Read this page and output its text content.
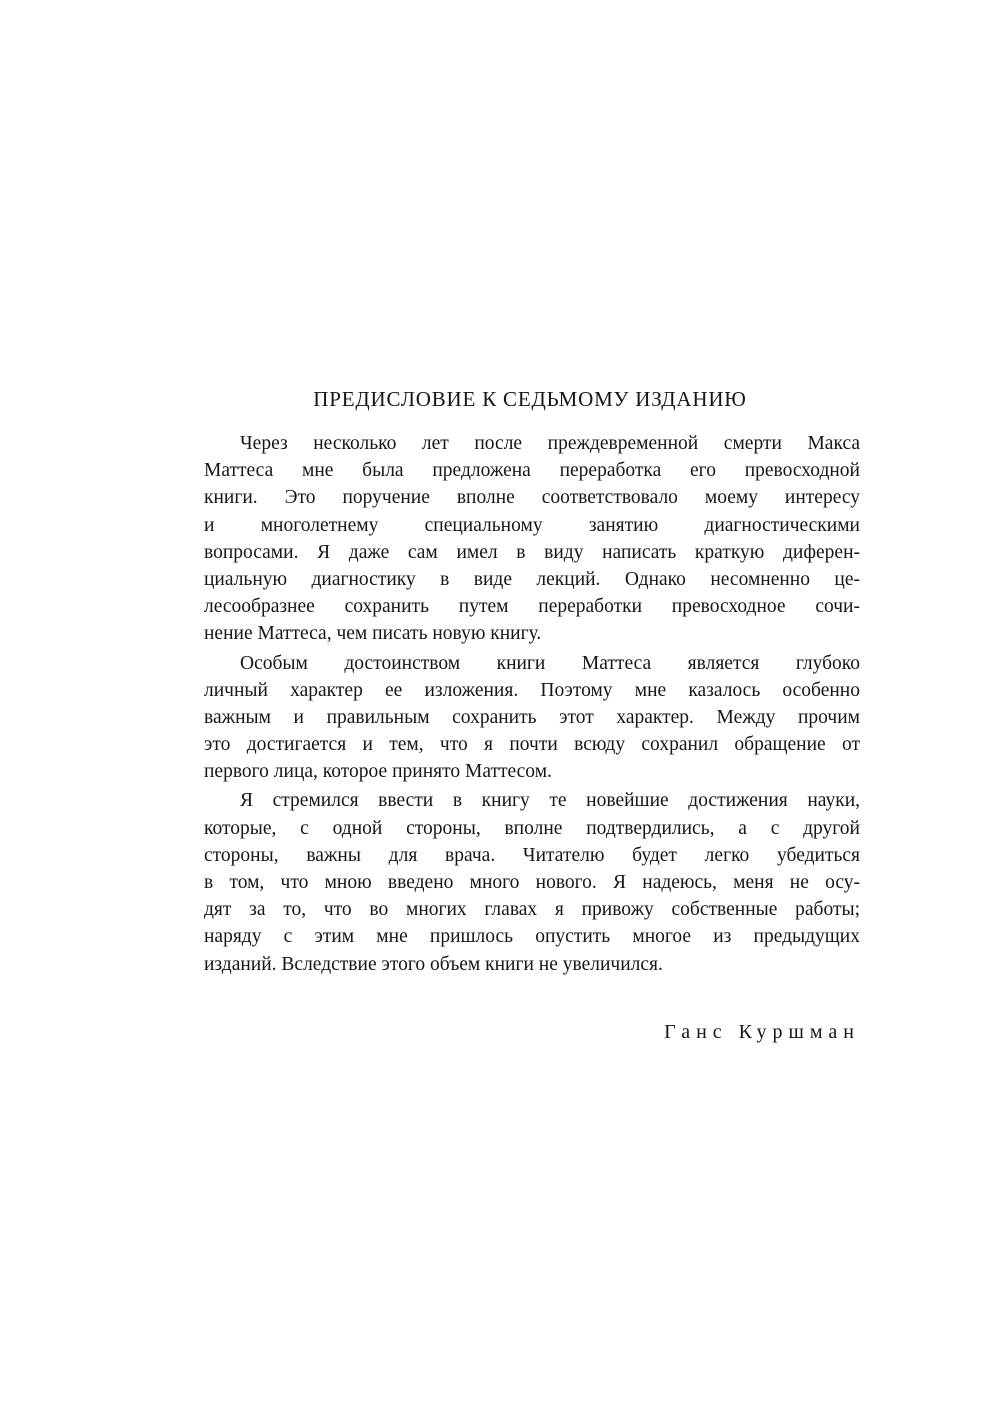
ПРЕДИСЛОВИЕ К СЕДЬМОМУ ИЗДАНИЮ
Через несколько лет после преждевременной смерти Макса
Маттеса мне была предложена переработка его превосходной
книги. Это поручение вполне соответствовало моему интересу
и многолетнему специальному занятию диагностическими
вопросами. Я даже сам имел в виду написать краткую диферен-
циальную диагностику в виде лекций. Однако несомненно це-
лесообразнее сохранить путем переработки превосходное сочи-
нение Маттеса, чем писать новую книгу.
Особым достоинством книги Маттеса является глубоко
личный характер ее изложения. Поэтому мне казалось особенно
важным и правильным сохранить этот характер. Между прочим
это достигается и тем, что я почти всюду сохранил обращение от
первого лица, которое принято Маттесом.
Я стремился ввести в книгу те новейшие достижения науки,
которые, с одной стороны, вполне подтвердились, а с другой
стороны, важны для врача. Читателю будет легко убедиться
в том, что мною введено много нового. Я надеюсь, меня не осу-
дят за то, что во многих главах я привожу собственные работы;
наряду с этим мне пришлось опустить многое из предыдущих
изданий. Вследствие этого объем книги не увеличился.
Ганс Куршман
